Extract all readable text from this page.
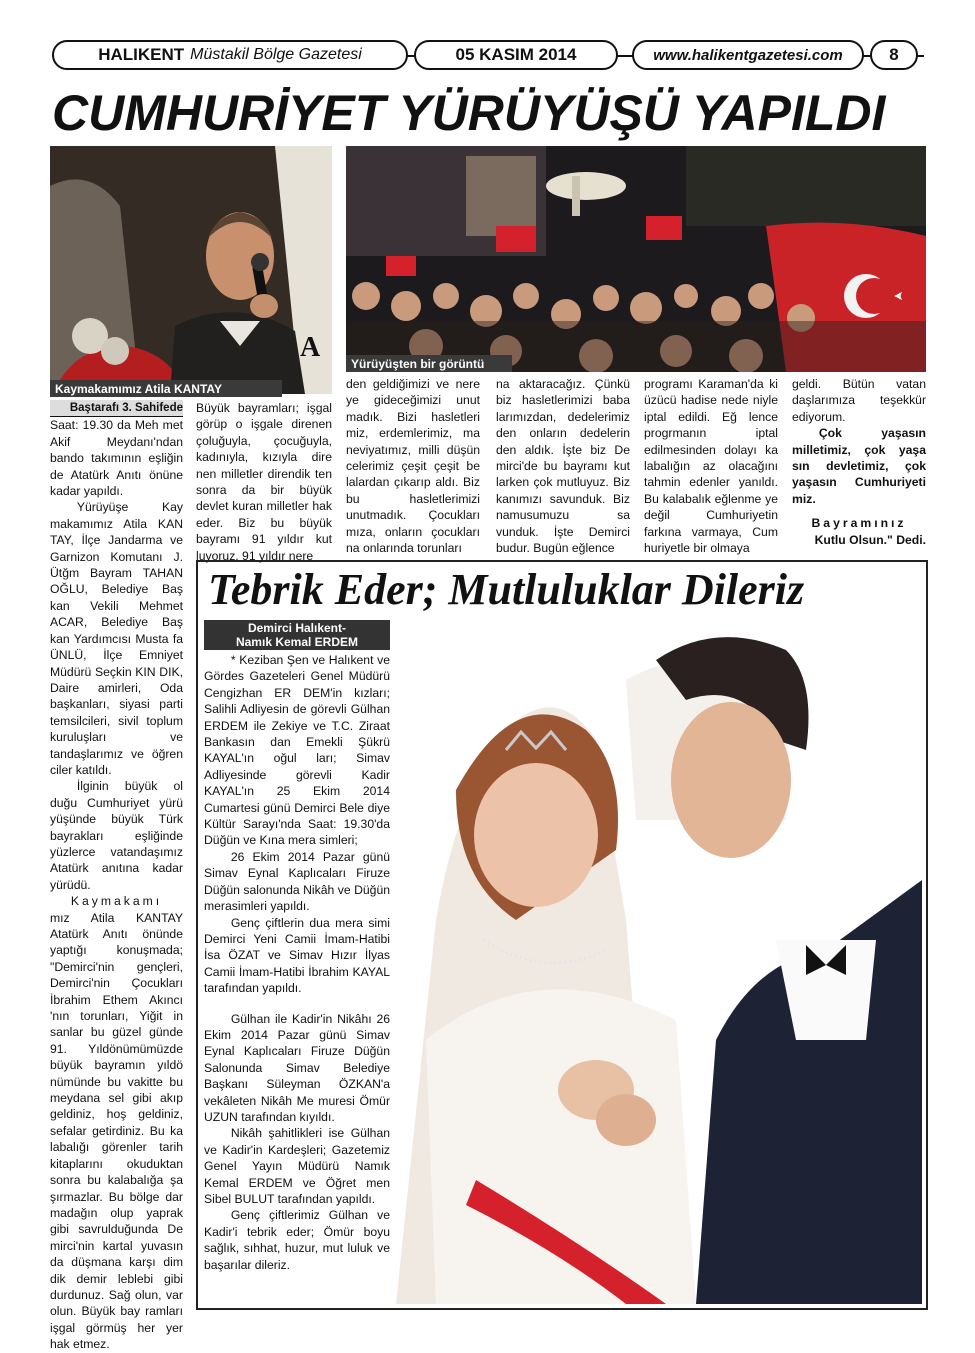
HALIKENT Müstakil Bölge Gazetesi	05 KASIM 2014	www.halikentgazetesi.com	8
CUMHURİYET YÜRÜYÜŞÜ YAPILDI
A
Kaymakamımız Atila KANTAY
Yürüyüşten bir görüntü

Baştarafı 3. Sahifede

Saat: 19.30 da Meh met Akif Meydanı'ndan bando takımının eşliğin de Atatürk Anıtı önüne kadar yapıldı.

Yürüyüşe Kay makamımız Atila KAN TAY, İlçe Jandarma ve Garnizon Komutanı J. Ütğm Bayram TAHAN OĞLU, Belediye Baş kan Vekili Mehmet ACAR, Belediye Baş kan Yardımcısı Musta fa ÜNLÜ, İlçe Emniyet Müdürü Seçkin KIN DIK, Daire amirleri, Oda başkanları, siyasi parti temsilcileri, sivil toplum kuruluşları ve tandaşlarımız ve öğren ciler katıldı.

İlginin büyük ol duğu Cumhuriyet yürü yüşünde büyük Türk bayrakları eşliğinde yüzlerce vatandaşımız Atatürk anıtına kadar yürüdü.

Kaymakamı

mız Atila KANTAY Atatürk Anıtı önünde yaptığı konuşmada; "Demirci'nin gençleri, Demirci'nin Çocukları İbrahim Ethem Akıncı 'nın torunları, Yiğit in sanlar bu güzel günde 91. Yıldönümümüzde büyük bayramın yıldö nümünde bu vakitte bu meydana sel gibi akıp geldiniz, hoş geldiniz, sefalar getirdiniz. Bu ka labalığı görenler tarih kitaplarını okuduktan sonra bu kalabalığa şa şırmazlar. Bu bölge dar madağın olup yaprak gibi savrulduğunda De mirci'nin kartal yuvasın da düşmana karşı dim dik demir leblebi gibi durdunuz. Sağ olun, var olun. Büyük bay ramları işgal görmüş her yer hak etmez.

Büyük bayramları; işgal görüp o işgale direnen çoluğuyla, çocuğuyla, kadınıyla, kızıyla dire nen milletler direndik ten sonra da bir büyük devlet kuran milletler hak eder. Biz bu büyük bayramı 91 yıldır kut luyoruz. 91 yıldır nere

den geldiğimizi ve nere ye gideceğimizi unut madık. Bizi hasletleri miz, erdemlerimiz, ma neviyatımız, milli düşün celerimiz çeşit çeşit be lalardan çıkarıp aldı. Biz bu hasletlerimizi unutmadık. Çocukları mıza, onların çocukları na onlarında torunları

na aktaracağız. Çünkü biz hasletlerimizi baba larımızdan, dedelerimiz den onların dedelerin den aldık. İşte biz De mirci'de bu bayramı kut larken çok mutluyuz. Biz kanımızı savunduk. Biz namusumuzu sa vunduk. İşte Demirci budur. Bugün eğlence

programı Karaman'da ki üzücü hadise nede niyle iptal edildi. Eğ lence progrmanın iptal edilmesinden dolayı ka labalığın az olacağını tahmin edenler yanıldı. Bu kalabalık eğlenme ye değil Cumhuriyetin farkına varmaya, Cum huriyetle bir olmaya

geldi. Bütün vatan daşlarımıza teşekkür ediyorum.

Çok yaşasın milletimiz, çok yaşa sın devletimiz, çok yaşasın Cumhuriyeti miz.

Bayramınız

Kutlu Olsun." Dedi.

Tebrik Eder; Mutluluklar Dileriz
Demirci Halıkent-
Namık Kemal ERDEM

* Keziban Şen ve Halıkent ve Gördes Gazeteleri Genel Müdürü Cengizhan ER DEM'in kızları; Salihli Adliyesin de görevli Gülhan ERDEM ile Zekiye ve T.C. Ziraat Bankasın dan Emekli Şükrü KAYAL'ın oğul ları; Simav Adliyesinde görevli Kadir KAYAL'ın 25 Ekim 2014 Cumartesi günü Demirci Bele diye Kültür Sarayı'nda Saat: 19.30'da Düğün ve Kına mera simleri;

26 Ekim 2014 Pazar günü Simav Eynal Kaplıcaları Firuze Düğün salonunda Nikâh ve Düğün merasimleri yapıldı.

Genç çiftlerin dua mera simi Demirci Yeni Camii İmam-Hatibi İsa ÖZAT ve Simav Hızır İlyas Camii İmam-Hatibi İbrahim KAYAL tarafından yapıldı.

Gülhan ile Kadir'in Nikâhı 26 Ekim 2014 Pazar günü Simav Eynal Kaplıcaları Firuze Düğün Salonunda Simav Belediye Başkanı Süleyman ÖZKAN'a vekâleten Nikâh Me muresi Ömür UZUN tarafından kıyıldı.

Nikâh şahitlikleri ise Gülhan ve Kadir'in Kardeşleri; Gazetemiz Genel Yayın Müdürü Namık Kemal ERDEM ve Öğret men Sibel BULUT tarafından yapıldı.

Genç çiftlerimiz Gülhan ve Kadir'i tebrik eder; Ömür boyu sağlık, sıhhat, huzur, mut luluk ve başarılar dileriz.
